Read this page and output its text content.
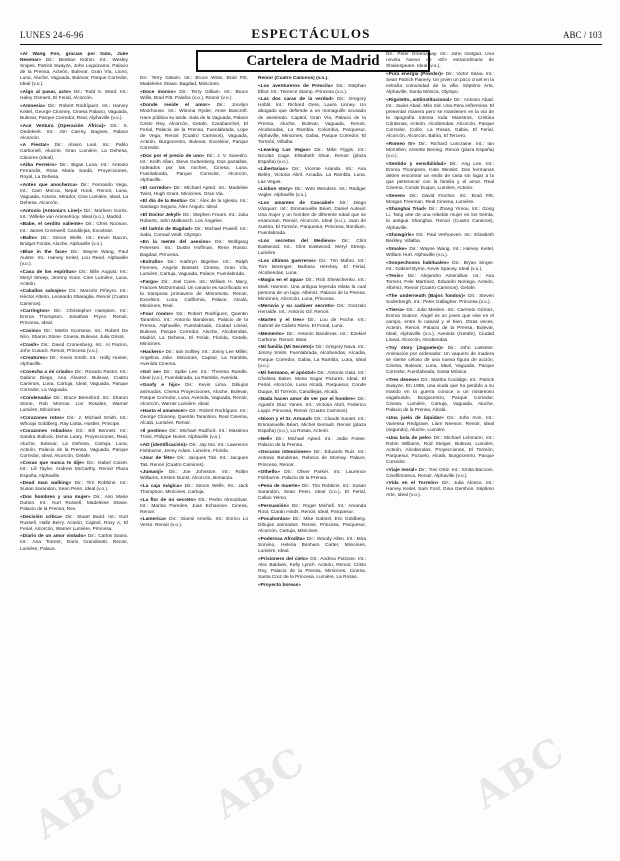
LUNES 24-6-96	ESPECTÁCULOS	ABC / 103
Cartelera de Madrid
«Al Wang Foo, gracias por todo, Julie Newmar» Dir.: Beeban Kidron. Int.: Wesley Snipes, Patrick Swayze, John Leguizamo. Palacio de la Prensa, Acteón, Bulevar, Gran Vía, Liceo, Luna, Aluche, Vaguada, Bulevar, Parque Corredor, Ideal (v.o.).
«Algo al pasar, acto» Dir.: Todd S. Ward. Int.: Haley Osment, El Ferial, Alcorcón.
«Amnesia» Dir.: Robert Rodríguez. Int.: Harvey Keitel, George Clooney. Cinesa Palacio, Vaguada, Bulevar, Parque Corredor, Real, Alphaville (v.o.).
«Ace Ventura (Operación África)» Dir.: S. Oedekerk. Int.: Jim Carrey, Bagnes, Palace Alcorcón.
«A Fiesta!» Dir.: Álvaro Leal. Int.: Pablo Carbonell, Alucine, Gran Lumière, La Dehesa, Cáceres (Ideal).
«Alba Ferreiro» Dir.: Bigas Luna. Int.: Antonio Ferrandis, Rosa Maria Sardà, Proyecciones, Royal, La Dehesa.
«Antes que anochezca» Dir.: Fernando Vega. Int.: Cam Mocca, Nepal Hook, Renoir, Luna, Vaguada, Acteón, Mirador, Cine Lumière, Ideal, La Dehesa, Alcorcón.
«Antonio (Antonia's Line)» Dir.: Marleen Gorris. Int.: Willeke van Ammelrooy. Ideal (v.o.), Madrid.
«Babe, el cerdito valiente» Dir.: Chris Noonan. Int.: James Cromwell. Candilejas, Excelsior.
«Balto» Dir.: Simon Wells. Int.: Kevin Bacon, Bridget Fonda. Aluche, Alphaville (v.o.).
«Blue in the face» Dir.: Wayne Wang, Paul Auster. Int.: Harvey Keitel, Lou Reed. Alphaville (v.o.).
«Casa de los espíritus» Dir.: Bille August. Int.: Meryl Streep, Jeremy Irons. Cine Lumière, Luna, Acteón.
«Caballos salvajes» Dir.: Marcelo Piñeyro. Int.: Héctor Alterio, Leonardo Sbaraglia. Renoir (Cuatro Caminos).
«Carrington» Dir.: Christopher Hampton. Int.: Emma Thompson, Jonathan Pryce. Renoir, Princesa, Ideal.
«Casino» Dir.: Martin Scorsese. Int.: Robert De Niro, Sharon Stone. Cinesa, Bulevar, Julia Grisol.
«Crash» Dir.: David Cronenberg. Int.: Al Pacino, John Cusack. Renoir, Princesa (v.o.).
«Creatures» Dir.: Kevin Smith. Int.: Holly Hunter, Alphaville.
«Cosecha a mi criado» Dir.: Ricardo Pastor. Int.: Gabino Diego, Ana Álvarez. Bulevar, Cuatro Caminos, Luna, Cartuja, Ideal, Vaguada, Parque Corredor, La Vaguada.
«Condenada» Dir.: Bruce Beresford. Int.: Sharon Stone, Rob Morrow. Los Rosales, Warner Lumière, Minicines.
«Corazones rotos» Dir.: J. Michael Smith. Int.: Whoopi Goldberg, Ray Liotta. Hustler, Principe.
«Corazones robados» Dir.: Bill Bennett. Int.: Sandra Bullock, Denis Leary. Proyecciones, Real, Aluche, Bulevar, La Dehesa, Cartuja, Luna, Acteón, Palacio de la Prensa, Vaguada, Parque Corredor, Ideal, Alcorcón, Getafe.
«Cosas que nunca te dije» Dir.: Isabel Coixet. Int.: Lili Taylor, Andrew McCarthy. Renoir Plaza España, Alphaville.
«Dead man walking» Dir.: Tim Robbins. Int.: Susan Sarandon, Sean Penn. Ideal (v.o.).
«Dos hombres y una mujer» Dir.: Ann Marie Dutton. Int.: Kurt Russell, Madeleine Stowe. Palacio de la Prensa, Rex.
«Decisión crítica» Dir.: Stuart Baird. Int.: Kurt Russell, Halle Berry. Acteón, Capitol, Roxy A, El Ferial, Alcorcón, Warner Lumière, Princesa.
«Diario de un amor violado» Dir.: Carlos Saura. Int.: Ana Torrent, Darío Grandinetti. Renoir, Lumière, Palace.
Dir.: Terry Gilliam. Int.: Bruce Willis, Brad Pitt, Madeleine Stowe. Bagdad, Minicines.
«Doce monos» Dir.: Terry Gilliam. Int.: Bruce Willis, Brad Pitt. Palafox (v.o.), Renoir (v.o.).
«Donde reside el amor» Dir.: Jocelyn Moorhouse. Int.: Winona Ryder, Anne Bancroft. Hace pública su tarde. Sala de la Vaguada, Palace Cristo Rey, Alcorcón, Getafe, Carabanchel, El Ferial, Palacio de la Prensa, Fuenlabrada, Lope de Vega, Renoir (Cuatro Caminos), Vaguada, Acteón, Burgocentro, Bulevar, Excelsior, Parque Corredor.
«Dos por el precio de uno» Dir.: J. V. Savedro. Int.: Keith Allan, Steve Guttenberg. Dos pantallas, rodeados por las noches, Cinesa, Luna, Fuenlabrada, Parque Corredor, Alcorcón, Alphaville.
«El corredor» Dir.: Michael Apted. Int.: Madeline Twist, Hugh Grant. Minicines, Gran Via.
«El día de la Bestia» Dir.: Álex de la Iglesia. Int.: Santiago Segura, Álex Angulo. Ideal.
«El Doctor Jekyll» Dir.: Stephen Frears. Int.: Julia Roberts, John Malkovich. Los Ángeles.
«El ladrón de Bagdad» Dir.: Michael Powell. Int.: Sabu, Conrad Veidt. Olympo.
«En la mente del asesino» Dir.: Wolfgang Petersen. Int.: Dustin Hoffman, Rene Russo. Bagdad, Princesa.
«Extraño» Dir.: Kathryn Bigelow. Int.: Ralph Fiennes, Angela Bassett. Cinesa, Gran Vía, Lumière, Cartuja, Vaguada, Palace, Fuenlabrada.
«Fargo» Dir.: Joel Coen. Int.: William H. Macy, Frances McDormand. Un canario es sacrificado en la tramposa primavera de Minnesota. Renoir, Excelsior, Luna, California, Palace, Alcalá, Minicines, Real.
«Four rooms» Dir.: Robert Rodríguez, Quentin Tarantino. Int.: Antonio Banderas. Palacio de la Prensa, Alphaville, Fuenlabrada, Ciudad Lineal, Bulevar, Parque Corredor, Aluche, Alcobendas, Madrid, La Dehesa, El Ferial, Florida, Getafe, Minicines.
«Hackers» Dir.: Iain Softley. Int.: Jonny Lee Miller, Angelina Jolie. Minicines, Capitol, La Rambla, Avenida Cinema.
«Gol se» Dir.: Spike Lee. Int.: Theresa Randle. Ideal (v.o.), Fuenlabrada, La Rambla, Avenida.
«Goofy e hijo» Dir.: Kevin Lima. Dibujos animados. Cinesa Proyecciones, Aluche, Bulevar, Parque Corredor, Luna, Avenida, Vaguada, Renoir, Alcorcón, Warner Lumière, Ideal.
«Hasta el amanecer» Dir.: Robert Rodríguez. Int.: George Clooney, Quentin Tarantino. Real Cinema, Alcalá, Lumière, Renoir.
«Il postino» Dir.: Michael Radford. Int.: Massimo Troisi, Philippe Noiret. Alphaville (v.o.).
«AD (identificación)» Dir.: Jay Nix. Int.: Lawrence Fishburne, Jenny Adam. Lumière, Florida.
«Jour de fête» Dir.: Jacques Tati. Int.: Jacques Tati. Renoir (Cuatro Caminos).
«Jumanji» Dir.: Joe Johnston. Int.: Robin Williams, Kirsten Dunst. Alcorcón, Bonanza.
«La caja mágica» Dir.: Simon Wells. Int.: Jack Thompson. Minicines, Cartuja.
«La flor de mi secreto» Dir.: Pedro Almodóvar. Int.: Marisa Paredes, Juan Echanove. Cinesa, Renoir.
«Lamerica» Dir.: Gianni Amelio. Int.: Enrico Lo Verso. Renoir (v.o.).
Renoir (Cuatro Caminos) (v.o.).
«Los aventureros de Prescila» Dir.: Stephan Elliot. Int.: Terence Stamp. Princesa (v.o.).
«Las dos caras de la verdad» Dir.: Gregory Hoblit. Int.: Richard Gere, Laura Linney. Un abogado que defiende a un monaguillo acusado de asesinato. Capitol, Gran Vía, Palacio de la Prensa, Aluche, Bulevar, Vaguada, Renoir, Alcobendas, La Rambla, Colombia, Parquesur, Alphaville, Minicines, Gabia, Parque Corredor, El Torreón, Villalba.
«Leaving Las Vegas» Dir.: Mike Figgis. Int.: Nicolas Cage, Elisabeth Shue. Renoir (plaza España) (v.o.).
«Libertarias» Dir.: Vicente Aranda. Int.: Ana Belén, Victoria Abril. Arcadia, La Rambla, Luna, Las Vegas.
«Lisbon story» Dir.: Wim Wenders. Int.: Rüdiger Vogler. Alphaville (v.o.).
«Los amantes de Cascabel» Dir.: Diego Vázquez. Int.: Emmanuelle Béart, Daniel Auteuil. Una mujer y un hombre de diferente edad que se enamoran. Renoir, Alcorcón, Ideal (v.o.), Juan de Austria, El Torreón, Parquesur, Princesa, Bonilium, Fuenlabrada.
«Los secretos del Medievo» Dir.: Clint Eastwood. Int.: Clint Eastwood, Meryl Streep. Lumière.
«Los últimos guerreros» Dir.: Tim Mahro. Int.: Tom Berenger, Barbara Hershey. El Ferial, Alcobendas, Luna.
«Magia en el agua» Dir.: Rick Shewchenko. Int.: Mark Harmon. Una antigua leyenda relata la cual persona de un lago. Albéniz, Palacio de la Prensa, Minicines, Alcorcón, Luna, Princesa.
«Meruvia y su cadáver secreto» Dir.: Gonzalo Herralde. Int.: Antonio Gil. Renoir.
«Martes y el tres» Dir.: Lou de Poche. Int.: Gabriel de Calixto Riera. El Ferial, Luna.
«Memento» Dir.: Antonio Banderas. Int.: Ezekiel Carbone. Renoir, Ideal.
«Mi familia (Mi Secreto)» Dir.: Gregory Nava. Int.: Jimmy Smits. Fuenlabrada, Alcobendas, Arcadia, Parque Corredor, Gabia, La Rambla, Luna, Ideal (v.o.).
«Mi hermano, el apóstol» Dir.: Antonio Gala. Int.: Chelsea Baker. Mesa Sugar Pictures. Ideal, El Ferial, Alcorcón, Luna Alcalá, Parquesur, Conde Duque, El Torreón, Candilejas, Alcalá.
«Nada hacen amor de ver por el hombre» Dir.: Agustín Díaz Yanes. Int.: Victoria Abril, Federico Luppi. Princesa, Renoir (Cuatro Caminos).
«Nixon y el Sr. Arnaud» Dir.: Claude Sautet. Int.: Emmanuelle Béart, Michel Serrault. Renoir (plaza España) (v.o.), La Rosas, Acteón.
«Nell» Dir.: Michael Apted. Int.: Jodie Foster. Palacio de la Prensa.
«Oscuras intenciones» Dir.: Eduardo Ruiz. Int.: Antonio Banderas, Rebeca de Mornay. Palace, Princesa, Renoir.
«Othello» Dir.: Oliver Parker. Int.: Laurence Fishburne. Palacio de la Prensa.
«Pena de muerte» Dir.: Tim Robbins. Int.: Susan Sarandon, Sean Penn. Ideal (v.o.), El Ferial, Callao Yelmo.
«Persuasión» Dir.: Roger Michell. Int.: Amanda Root, Ciarán Hinds. Renoir, Ideal, Parquesur.
«Pocahontas» Dir.: Mike Gabriel, Eric Goldberg. Dibujos animados. Renoir, Princesa, Parquesur, Alcorcón, Cartuja, Minicines.
«Poderosa Afrodita» Dir.: Woody Allen. Int.: Mira Sorvino, Helena Bonham Carter, Minicines, Lumière, Ideal.
«Prisionero del cielo» Dir.: Andrea Pulzone. Int.: Alec Baldwin, Kelly Lynch. Acteón, Renoir, Cristo Rey, Palacio de la Prensa, Minicines, Cinesa, Santa Cruz de la Princesa, Lumière, La Rosas.
«Proyecto boreas»
Dir.: Peter Greenaway. Int.: John Gielgud. Una novela Nuevo de «El» extraordinaria de Shakespeare. Ideal (v.o.).
«Pura energía (Powder)» Dir.: Victor Salva. Int.: Sean Patrick Flanery. Un joven un poco cruel en la extraña comunidad de la villa. Séptimo Arte, Alphaville, Santa Mónica, Olympo.
«Rigoletto, antiinstitucional» Dir.: Antonio Abad. Int.: Javier Abad, Milo Sid. Una Pera enfermera. El presentar manera pero se mantienen en la vía de la tipografía intenta toda Maestros, Cristina Cárdenas, Acteón, Alcobendas, Alcorcón, Parque Corredor, Colón, La Rosas, Gabia, El Ferial, Alcorcón, Alcorcón, Bahía, El Tercero.
«Romeo IV» Dir.: Richard Loncraine. Int.: Ian McKellen, Annette Bening. Renoir (plaza España) (v.o.).
«Sentido y sensibilidad» Dir.: Ang Lee. Int.: Emma Thompson, Kate Winslet. Dos hermanas deben encontrar un estilo de casa sin lugar a la que pertenecer con la familia y el amor. Real Cinema, Conde Duque, Lumière, Acteón.
«Seven» Dir.: David Fincher. Int.: Brad Pitt, Morgan Freeman. Real Cinema, Lumière.
«Shanghai Triad» Dir.: Zhang Yimou. Int.: Gong Li. Tang arte de una rebelde mujer en los treinta, la antigua Shanghai. Renoir (Cuatro Caminos), Alphaville.
«Showgirls» Dir.: Paul Verhoeven. Int.: Elizabeth Berkley. Villalba.
«Smoke» Dir.: Wayne Wang. Int.: Harvey Keitel, William Hurt. Alphaville (v.o.).
«Sospechosos habituales» Dir.: Bryan Singer. Int.: Gabriel Byrne, Kevin Spacey. Ideal (v.o.).
«Tesis» Dir.: Alejandro Amenábar. Int.: Ana Torrent, Fele Martínez, Eduardo Noriega. Acteón, Albéniz, Renoir (Cuatro Caminos), Getafe.
«The underneath (Bajos fondos)» Dir.: Steven Soderbergh. Int.: Peter Gallagher. Princesa (v.o.).
«Tierra» Dir.: Julio Medem. Int.: Carmelo Gómez, Emma Suárez. Ángel es un joven que vive en el campo, entre lo natural y el bien. Otras veces, Acteón, Renoir, Palacio de la Prensa, Bulevar, Ideal, Alphaville (v.o.), Avenida (Getafe), Ciudad Lineal, Alcorcón, Alcobendas.
«Toy story (Juguetes)» Dir.: John Lasseter. Animación por ordenador. Un vaquero de madera se siente celoso de una nueva figura de acción. Cinesa, Bulevar, Luna, Ideal, Vaguada, Parque Corredor, Fuenlabrada, Santa Mónica.
«Tres deseos» Dir.: Martha Coolidge. Int.: Patrick Swayze. En 1955, una viuda que ha perdido a su marido en la guerra conoce a un misterioso vagabundo. Burgocentro, Parque Corredor, Cinesa, Lumière, Cartuja, Vaguada, Aluche, Palacio de la Prensa, Alcalá.
«Una juela de liquidar» Dir.: John Irvin. Int.: Vanessa Redgrave, Liam Neeson. Renoir, Ideal (segundo), Aluche, Lumière.
«Una bola de pelo» Dir.: Michael Lehmann. Int.: Robin Williams, Rod Steiger, Bulevar, Lumière, Acteón, Alcobendas, Proyecciones, El Torreón, Parquesur, Pozuelo, Alcalá, Burgocentro, Parque Corredor.
«Viaje moral» Dir.: Toni Ortiz. Int.: Smita Baccom. Cinefilmoteca, Renoir. Alphaville (v.o.).
«Vida en el Torreón» Dir.: Julia Alonso. Int.: Harvey Keitel, Sam Ford, Gina Gershon. Séptimo Arte, Ideal (v.o.).
ABC ABC	ABC
